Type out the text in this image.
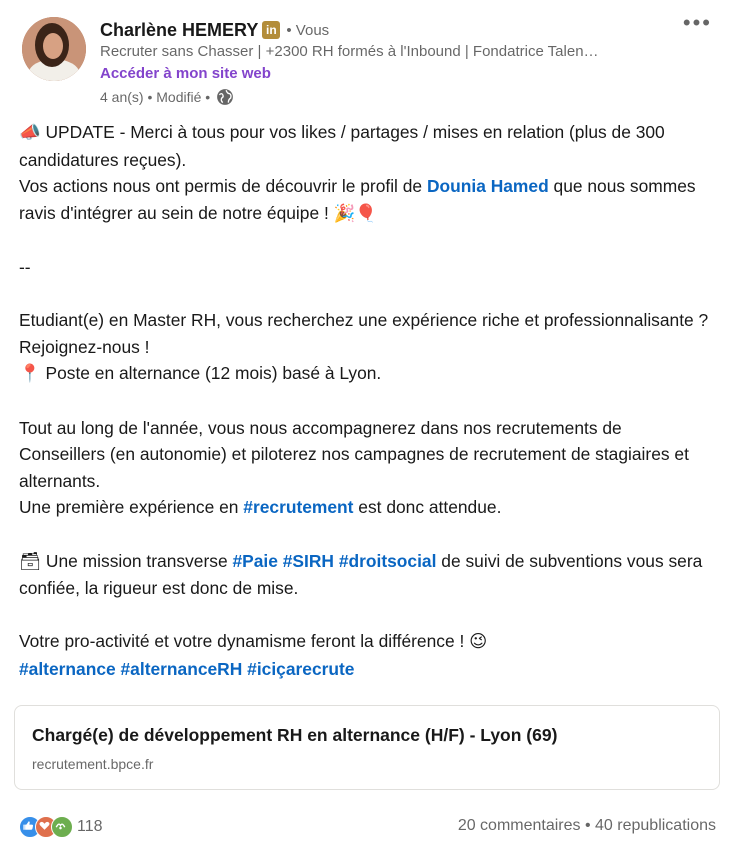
Charlène HEMERY in • Vous
Recruter sans Chasser | +2300 RH formés à l'Inbound | Fondatrice Talen…
Accéder à mon site web
4 an(s) • Modifié •
•••

📣 UPDATE - Merci à tous pour vos likes / partages / mises en relation (plus de 300 candidatures reçues).

Vos actions nous ont permis de découvrir le profil de Dounia Hamed que nous sommes ravis d'intégrer au sein de notre équipe ! 🎉🎈

--

Etudiant(e) en Master RH, vous recherchez une expérience riche et professionnalisante ? Rejoignez-nous !

📍 Poste en alternance (12 mois) basé à Lyon.

Tout au long de l'année, vous nous accompagnerez dans nos recrutements de Conseillers (en autonomie) et piloterez nos campagnes de recrutement de stagiaires et alternants.

Une première expérience en #recrutement est donc attendue.

🗃 Une mission transverse #Paie #SIRH #droitsocial de suivi de subventions vous sera confiée, la rigueur est donc de mise.

Votre pro-activité et votre dynamisme feront la différence ! 😉

#alternance #alternanceRH #iciçarecrute

Chargé(e) de développement RH en alternance (H/F) - Lyon (69)
recrutement.bpce.fr
118	20 commentaires • 40 republications
